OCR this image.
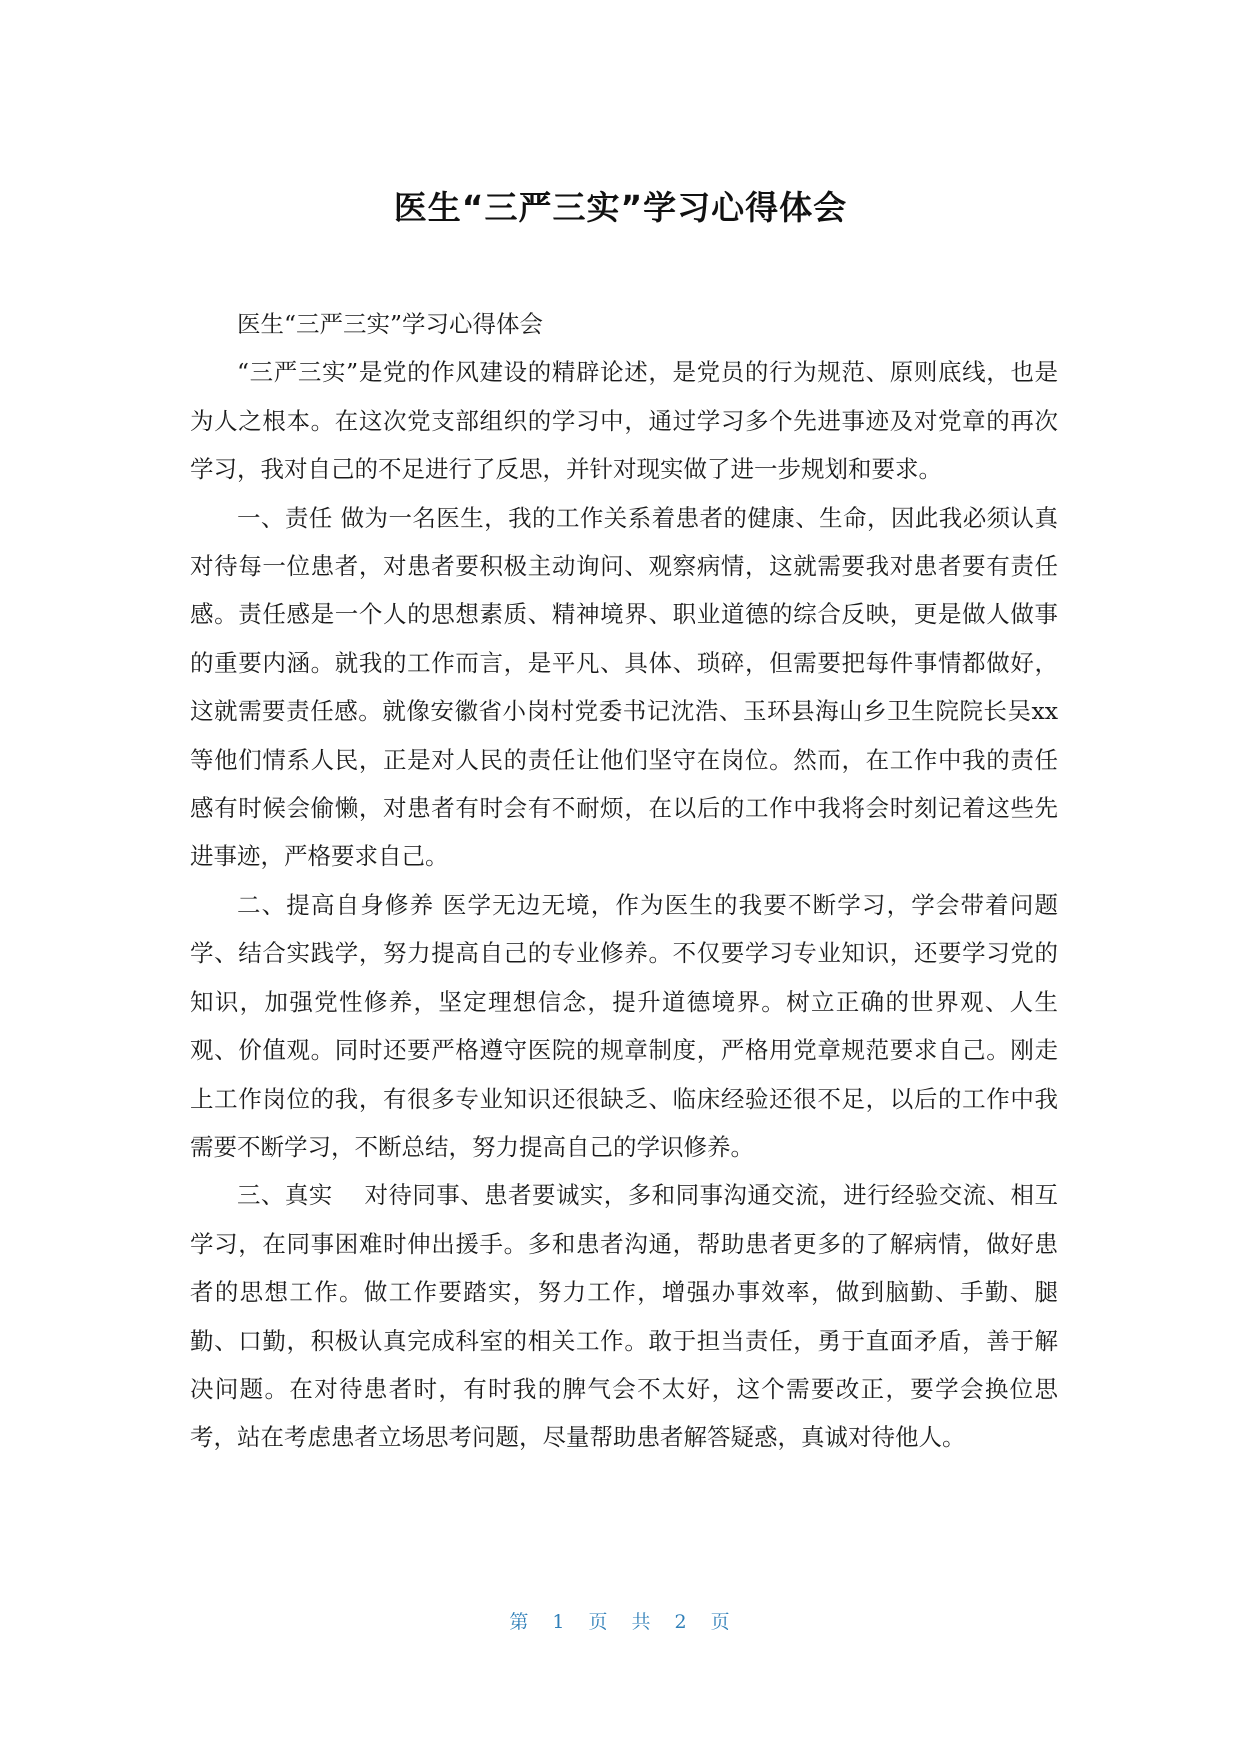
医生“三严三实”学习心得体会

医生“三严三实”学习心得体会

“三严三实”是党的作风建设的精辟论述，是党员的行为规范、原则底线，也是为人之根本。在这次党支部组织的学习中，通过学习多个先进事迹及对党章的再次学习，我对自己的不足进行了反思，并针对现实做了进一步规划和要求。

一、责任 做为一名医生，我的工作关系着患者的健康、生命，因此我必须认真对待每一位患者，对患者要积极主动询问、观察病情，这就需要我对患者要有责任感。责任感是一个人的思想素质、精神境界、职业道德的综合反映，更是做人做事的重要内涵。就我的工作而言，是平凡、具体、琐碎，但需要把每件事情都做好，这就需要责任感。就像安徽省小岗村党委书记沈浩、玉环县海山乡卫生院院长吴xx等他们情系人民，正是对人民的责任让他们坚守在岗位。然而，在工作中我的责任感有时候会偷懒，对患者有时会有不耐烦，在以后的工作中我将会时刻记着这些先进事迹，严格要求自己。

二、提高自身修养 医学无边无境，作为医生的我要不断学习，学会带着问题学、结合实践学，努力提高自己的专业修养。不仅要学习专业知识，还要学习党的知识，加强党性修养，坚定理想信念，提升道德境界。树立正确的世界观、人生观、价值观。同时还要严格遵守医院的规章制度，严格用党章规范要求自己。刚走上工作岗位的我，有很多专业知识还很缺乏、临床经验还很不足，以后的工作中我需要不断学习，不断总结，努力提高自己的学识修养。

三、真实　 对待同事、患者要诚实，多和同事沟通交流，进行经验交流、相互学习，在同事困难时伸出援手。多和患者沟通，帮助患者更多的了解病情，做好患者的思想工作。做工作要踏实，努力工作，增强办事效率，做到脑勤、手勤、腿勤、口勤，积极认真完成科室的相关工作。敢于担当责任，勇于直面矛盾，善于解决问题。在对待患者时，有时我的脾气会不太好，这个需要改正，要学会换位思考，站在考虑患者立场思考问题，尽量帮助患者解答疑惑，真诚对待他人。

第 1 页 共 2 页
